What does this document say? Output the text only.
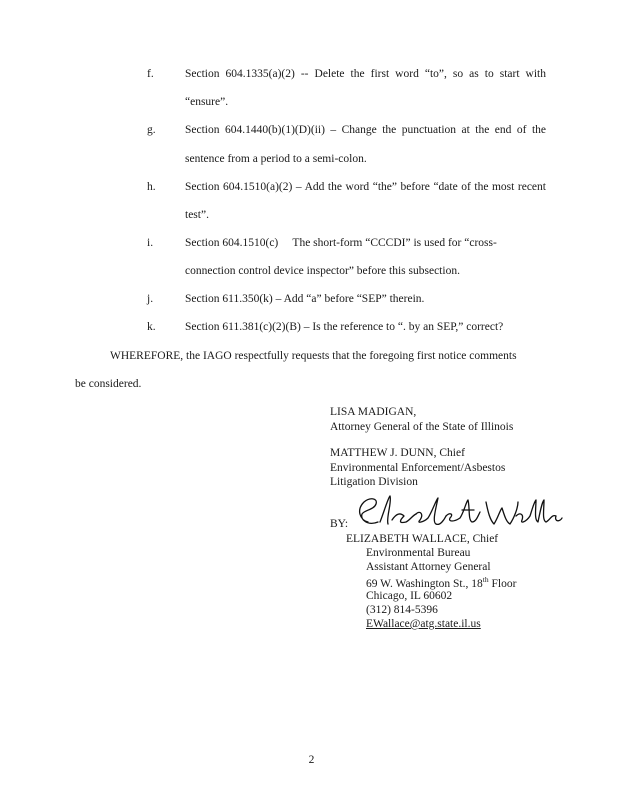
f.	Section 604.1335(a)(2) -- Delete the first word “to”, so as to start with
“ensure”.
g.	Section 604.1440(b)(1)(D)(ii) – Change the punctuation at the end of the
sentence from a period to a semi-colon.
h.	Section 604.1510(a)(2) – Add the word “the” before “date of the most recent
test”.
i.	Section 604.1510(c)     The short-form “CCCDI” is used for “cross-
connection control device inspector” before this subsection.
j.	Section 611.350(k) – Add “a” before “SEP” therein.
k.	Section 611.381(c)(2)(B) – Is the reference to “. by an SEP,” correct?
WHEREFORE, the IAGO respectfully requests that the foregoing first notice comments
be considered.
LISA MADIGAN,
Attorney General of the State of Illinois
MATTHEW J. DUNN, Chief
Environmental Enforcement/Asbestos
Litigation Division
BY:
ELIZABETH WALLACE, Chief
Environmental Bureau
Assistant Attorney General
69 W. Washington St., 18th Floor
Chicago, IL 60602
(312) 814-5396
EWallace@atg.state.il.us
2
